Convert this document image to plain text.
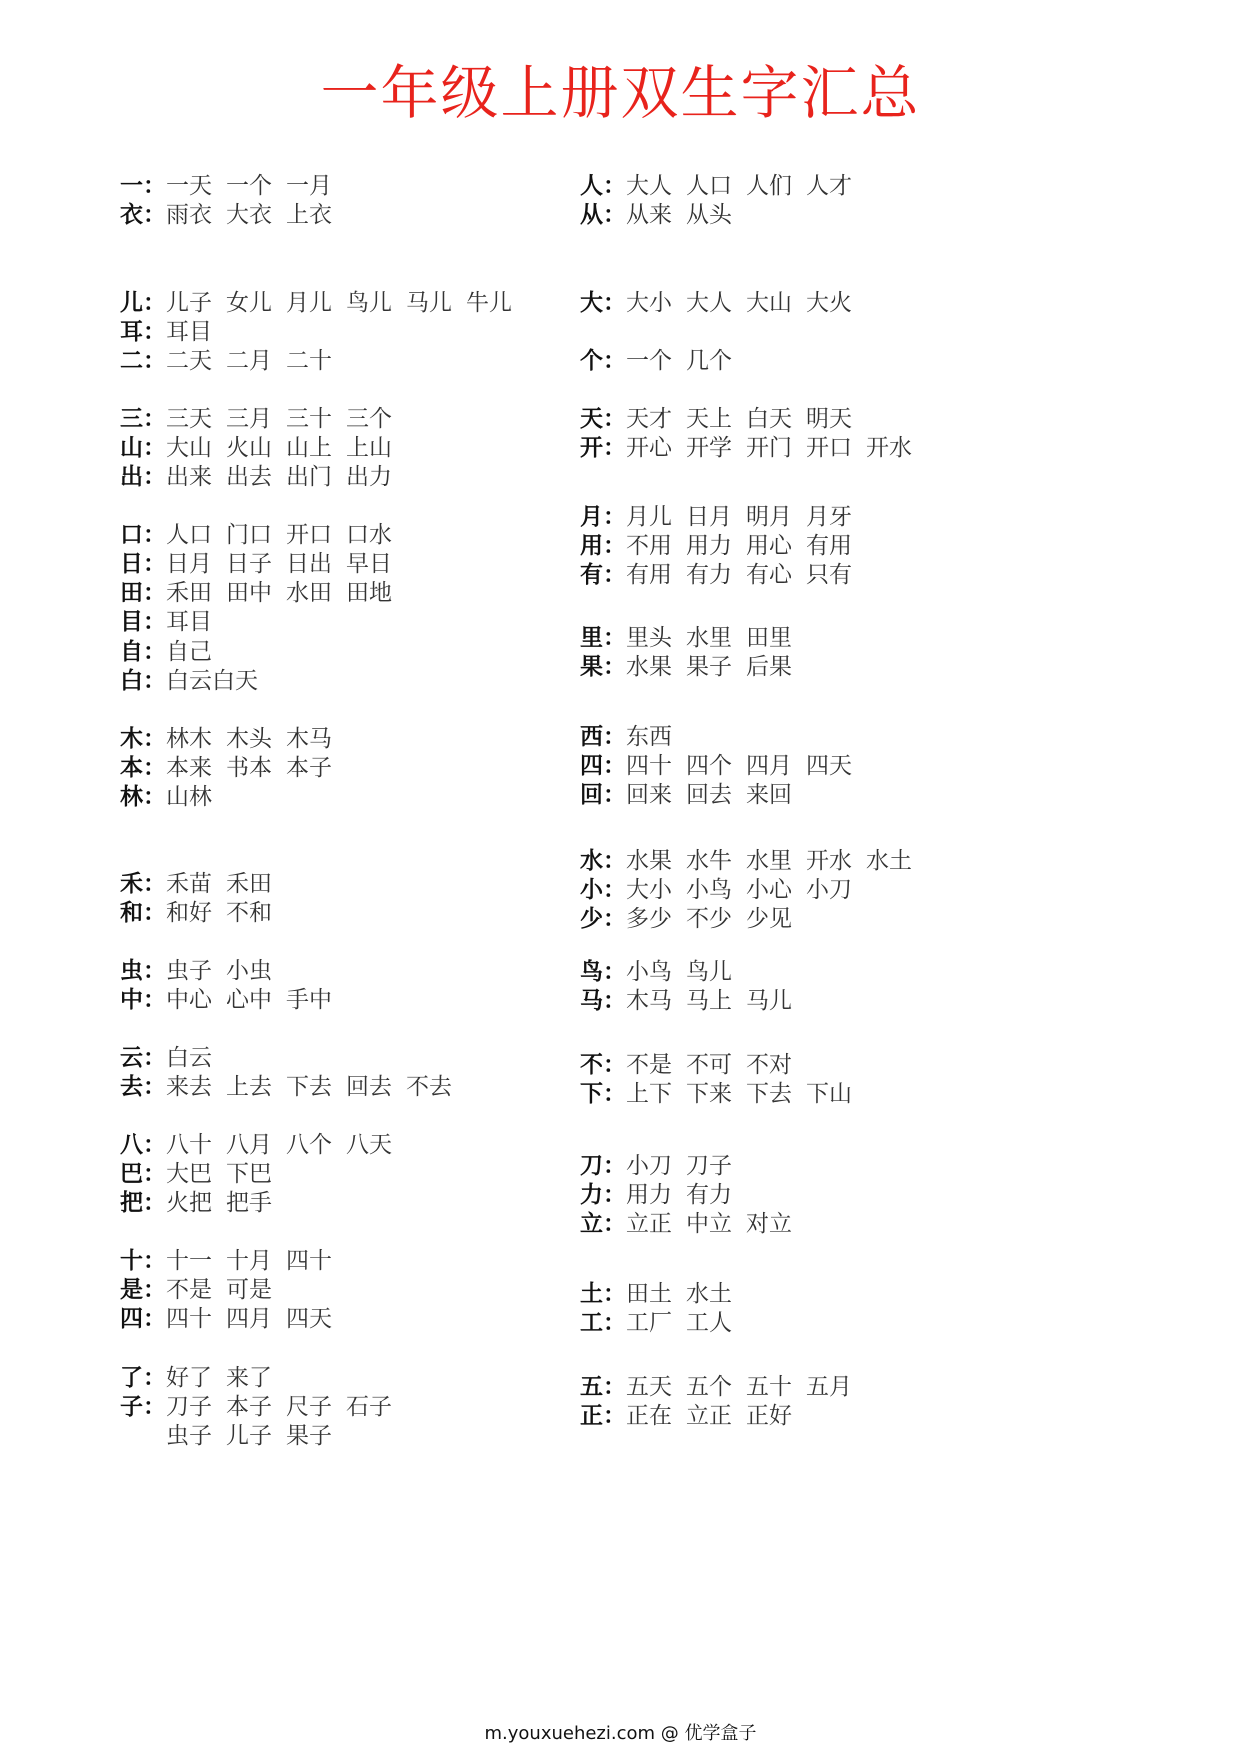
一年级上册双生字汇总
一：一天 一个 一月
衣：雨衣 大衣 上衣
儿：儿子 女儿 月儿 鸟儿 马儿 牛儿
耳：耳目
二：二天 二月 二十
三：三天 三月 三十 三个
山：大山 火山 山上 上山
出：出来 出去 出门 出力
口：人口 门口 开口 口水
日：日月 日子 日出 早日
田：禾田 田中 水田 田地
目：耳目
自：自己
白：白云白天
木：林木 木头 木马
本：本来 书本 本子
林：山林
禾：禾苗 禾田
和：和好 不和
虫：虫子 小虫
中：中心 心中 手中
云：白云
去：来去 上去 下去 回去 不去
八：八十 八月 八个 八天
巴：大巴 下巴
把：火把 把手
十：十一 十月 四十
是：不是 可是
四：四十 四月 四天
了：好了 来了
子：刀子 本子 尺子 石子
虫子 儿子 果子
人：大人 人口 人们 人才
从：从来 从头
大：大小 大人 大山 大火
个：一个 几个
天：天才 天上 白天 明天
开：开心 开学 开门 开口 开水
月：月儿 日月 明月 月牙
用：不用 用力 用心 有用
有：有用 有力 有心 只有
里：里头 水里 田里
果：水果 果子 后果
西：东西
四：四十 四个 四月 四天
回：回来 回去 来回
水：水果 水牛 水里 开水 水土
小：大小 小鸟 小心 小刀
少：多少 不少 少见
鸟：小鸟 鸟儿
马：木马 马上 马儿
不：不是 不可 不对
下：上下 下来 下去 下山
刀：小刀 刀子
力：用力 有力
立：立正 中立 对立
土：田土 水土
工：工厂 工人
五：五天 五个 五十 五月
正：正在 立正 正好
m.youxuehezi.com @ 优学盒子
